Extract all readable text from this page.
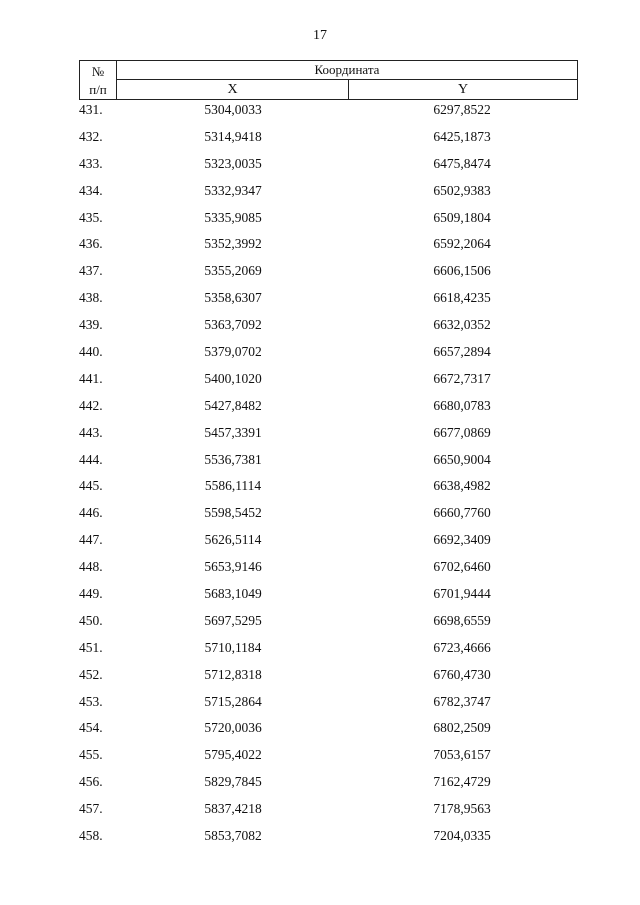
17
№
п/п
Координата
X	Y
431.	5304,0033	6297,8522
432.	5314,9418	6425,1873
433.	5323,0035	6475,8474
434.	5332,9347	6502,9383
435.	5335,9085	6509,1804
436.	5352,3992	6592,2064
437.	5355,2069	6606,1506
438.	5358,6307	6618,4235
439.	5363,7092	6632,0352
440.	5379,0702	6657,2894
441.	5400,1020	6672,7317
442.	5427,8482	6680,0783
443.	5457,3391	6677,0869
444.	5536,7381	6650,9004
445.	5586,1114	6638,4982
446.	5598,5452	6660,7760
447.	5626,5114	6692,3409
448.	5653,9146	6702,6460
449.	5683,1049	6701,9444
450.	5697,5295	6698,6559
451.	5710,1184	6723,4666
452.	5712,8318	6760,4730
453.	5715,2864	6782,3747
454.	5720,0036	6802,2509
455.	5795,4022	7053,6157
456.	5829,7845	7162,4729
457.	5837,4218	7178,9563
458.	5853,7082	7204,0335
